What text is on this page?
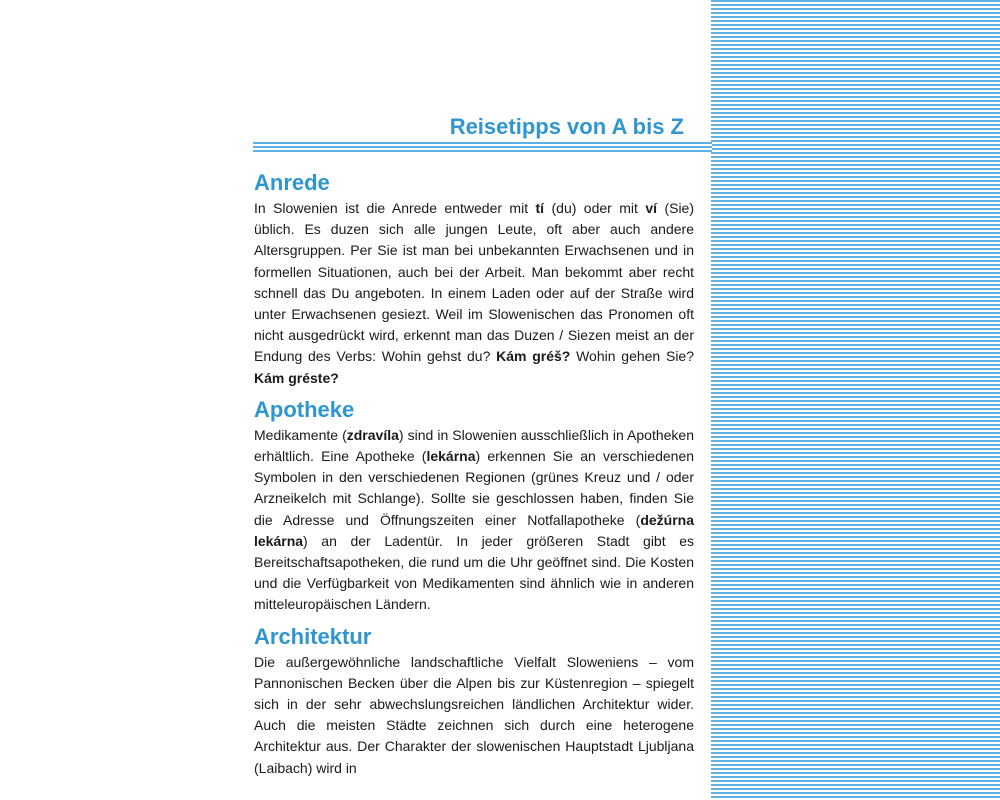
Reisetipps von A bis Z
Anrede

In Slowenien ist die Anrede entweder mit tí (du) oder mit ví (Sie) üblich. Es duzen sich alle jungen Leute, oft aber auch andere Altersgruppen. Per Sie ist man bei unbekannten Erwachsenen und in formellen Situationen, auch bei der Arbeit. Man bekommt aber recht schnell das Du angeboten. In einem Laden oder auf der Straße wird unter Erwachsenen gesiezt. Weil im Slowenischen das Pronomen oft nicht ausgedrückt wird, erkennt man das Duzen / Siezen meist an der Endung des Verbs: Wohin gehst du? Kám gréš? Wohin gehen Sie? Kám gréste?

Apotheke

Medikamente (zdravíla) sind in Slowenien ausschließlich in Apotheken erhältlich. Eine Apotheke (lekárna) erkennen Sie an verschiedenen Symbolen in den verschiedenen Regionen (grünes Kreuz und / oder Arzneikelch mit Schlange). Sollte sie geschlossen haben, finden Sie die Adresse und Öffnungszeiten einer Notfallapotheke (dežúrna lekárna) an der Ladentür. In jeder größeren Stadt gibt es Bereitschaftsapotheken, die rund um die Uhr geöffnet sind. Die Kosten und die Verfügbarkeit von Medikamenten sind ähnlich wie in anderen mitteleuropäischen Ländern.

Architektur

Die außergewöhnliche landschaftliche Vielfalt Sloweniens – vom Pannonischen Becken über die Alpen bis zur Küstenregion – spiegelt sich in der sehr abwechslungsreichen ländlichen Architektur wider. Auch die meisten Städte zeichnen sich durch eine heterogene Architektur aus. Der Charakter der slowenischen Hauptstadt Ljubljana (Laibach) wird in
